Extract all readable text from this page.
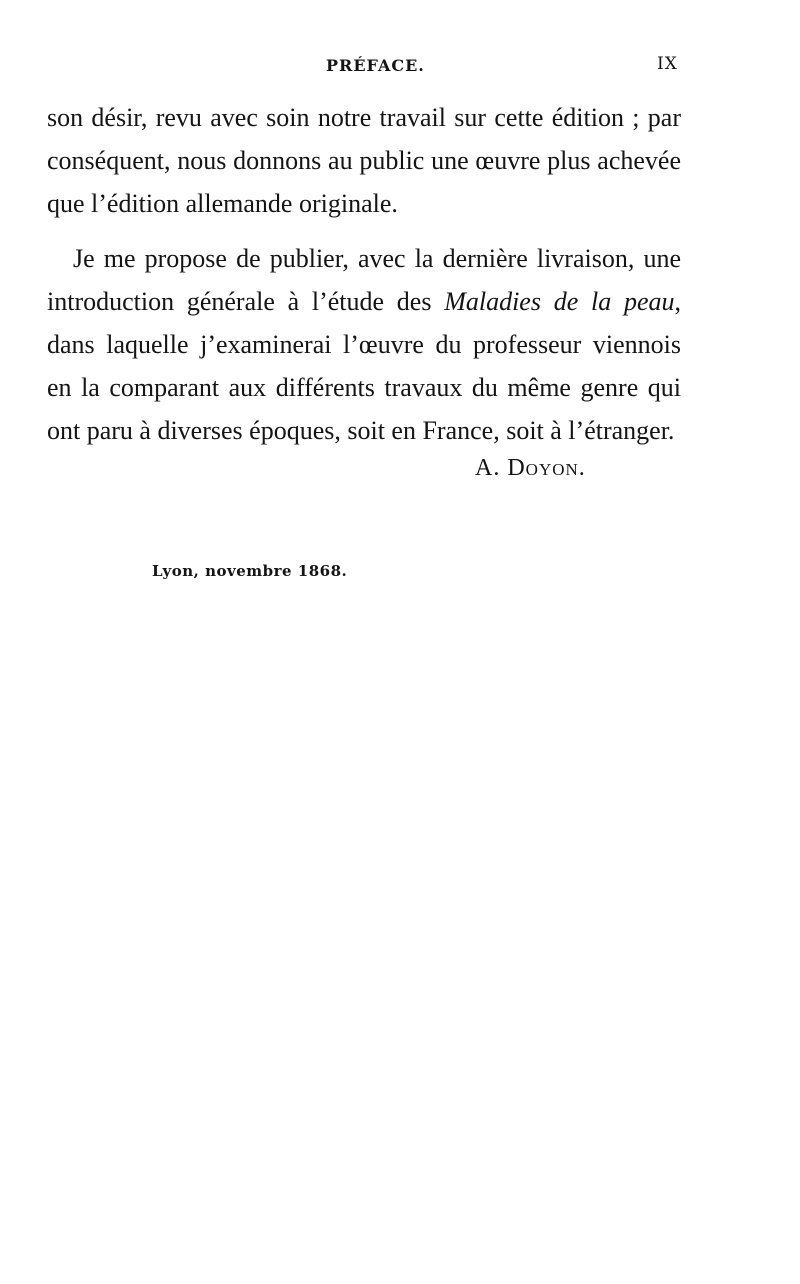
PRÉFACE.	IX

son désir, revu avec soin notre travail sur cette édition ; par conséquent, nous donnons au public une œuvre plus achevée que l’édition allemande originale.

Je me propose de publier, avec la dernière livraison, une introduction générale à l’étude des Maladies de la peau, dans laquelle j’examinerai l’œuvre du professeur viennois en la comparant aux différents travaux du même genre qui ont paru à diverses époques, soit en France, soit à l’étranger.

A. Doyon.
Lyon, novembre 1868.
